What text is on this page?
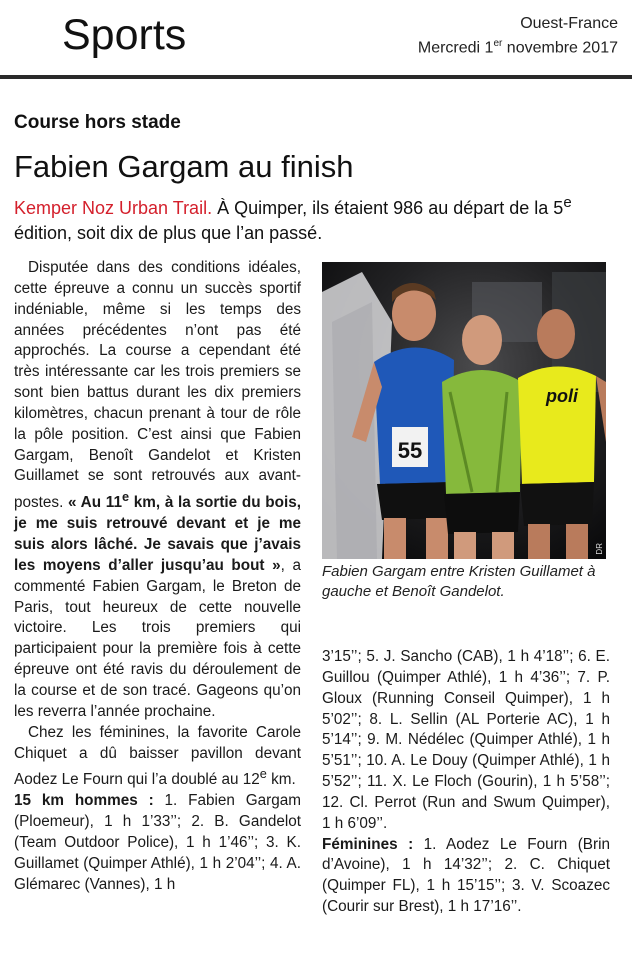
Sports	Ouest-France
Mercredi 1er novembre 2017
Course hors stade
Fabien Gargam au finish
Kemper Noz Urban Trail. À Quimper, ils étaient 986 au départ de la 5e édition, soit dix de plus que l’an passé.

Disputée dans des conditions idéales, cette épreuve a connu un succès sportif indéniable, même si les temps des années précédentes n’ont pas été approchés. La course a cependant été très intéressante car les trois premiers se sont bien battus durant les dix premiers kilomètres, chacun prenant à tour de rôle la pôle position. C’est ainsi que Fabien Gargam, Benoît Gandelot et Kristen Guillamet se sont retrouvés aux avant-postes. « Au 11e km, à la sortie du bois, je me suis retrouvé devant et je me suis alors lâché. Je savais que j’avais les moyens d’aller jusqu’au bout », a commenté Fabien Gargam, le Breton de Paris, tout heureux de cette nouvelle victoire. Les trois premiers qui participaient pour la première fois à cette épreuve ont été ravis du déroulement de la course et de son tracé. Gageons qu’on les reverra l’année prochaine.

Chez les féminines, la favorite Carole Chiquet a dû baisser pavillon devant Aodez Le Fourn qui l’a doublé au 12e km.

15 km hommes : 1. Fabien Gargam (Ploemeur), 1 h 1’33’’; 2. B. Gandelot (Team Outdoor Police), 1 h 1’46’’; 3. K. Guillamet (Quimper Athlé), 1 h 2’04’’; 4. A. Glémarec (Vannes), 1 h

55
poli
DR
Fabien Gargam entre Kristen Guillamet à gauche et Benoît Gandelot.

3’15’’; 5. J. Sancho (CAB), 1 h 4’18’’; 6. E. Guillou (Quimper Athlé), 1 h 4’36’’; 7. P. Gloux (Running Conseil Quimper), 1 h 5’02’’; 8. L. Sellin (AL Porterie AC), 1 h 5’14’’; 9. M. Nédélec (Quimper Athlé), 1 h 5’51’’; 10. A. Le Douy (Quimper Athlé), 1 h 5’52’’; 11. X. Le Floch (Gourin), 1 h 5’58’’; 12. Cl. Perrot (Run and Swum Quimper), 1 h 6’09’’.

Féminines : 1. Aodez Le Fourn (Brin d’Avoine), 1 h 14’32’’; 2. C. Chiquet (Quimper FL), 1 h 15’15’’; 3. V. Scoazec (Courir sur Brest), 1 h 17’16’’.
